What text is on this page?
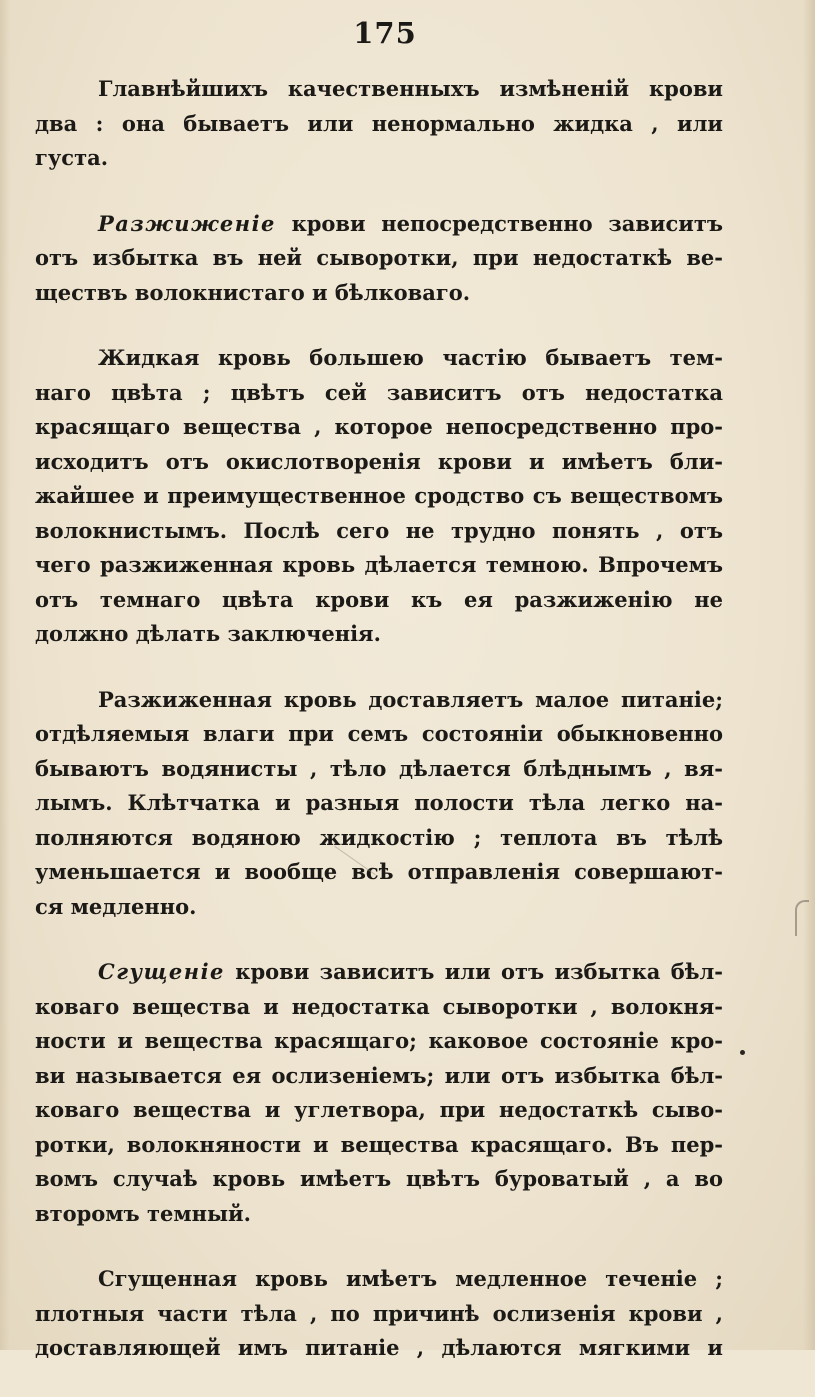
175
Главнѣйшихъ качественныхъ измѣненій крови
два : она бываетъ или ненормально жидка , или
густа.
Разжиженіе крови непосредственно зависитъ
отъ избытка въ ней сыворотки, при недостаткѣ ве-
ществъ волокнистаго и бѣлковаго.
Жидкая кровь большею частію бываетъ тем-
наго цвѣта ; цвѣтъ сей зависитъ отъ недостатка
красящаго вещества , которое непосредственно про-
исходитъ отъ окислотворенія крови и имѣетъ бли-
жайшее и преимущественное сродство съ веществомъ
волокнистымъ. Послѣ сего не трудно понять , отъ
чего разжиженная кровь дѣлается темною. Впрочемъ
отъ темнаго цвѣта крови къ ея разжиженію не
должно дѣлать заключенія.
Разжиженная кровь доставляетъ малое питаніе;
отдѣляемыя влаги при семъ состояніи обыкновенно
бываютъ водянисты , тѣло дѣлается блѣднымъ , вя-
лымъ. Клѣтчатка и разныя полости тѣла легко на-
полняются водяною жидкостію ; теплота въ тѣлѣ
уменьшается и вообще всѣ отправленія совершают-
ся медленно.
Сгущеніе крови зависитъ или отъ избытка бѣл-
коваго вещества и недостатка сыворотки , волокня-
ности и вещества красящаго; каковое состояніе кро-
ви называется ея ослизеніемъ; или отъ избытка бѣл-
коваго вещества и углетвора, при недостаткѣ сыво-
ротки, волокняности и вещества красящаго. Въ пер-
вомъ случаѣ кровь имѣетъ цвѣтъ буроватый , а во
второмъ темный.
Сгущенная кровь имѣетъ медленное теченіе ;
плотныя части тѣла , по причинѣ ослизенія крови ,
доставляющей имъ питаніе , дѣлаются мягкими и
